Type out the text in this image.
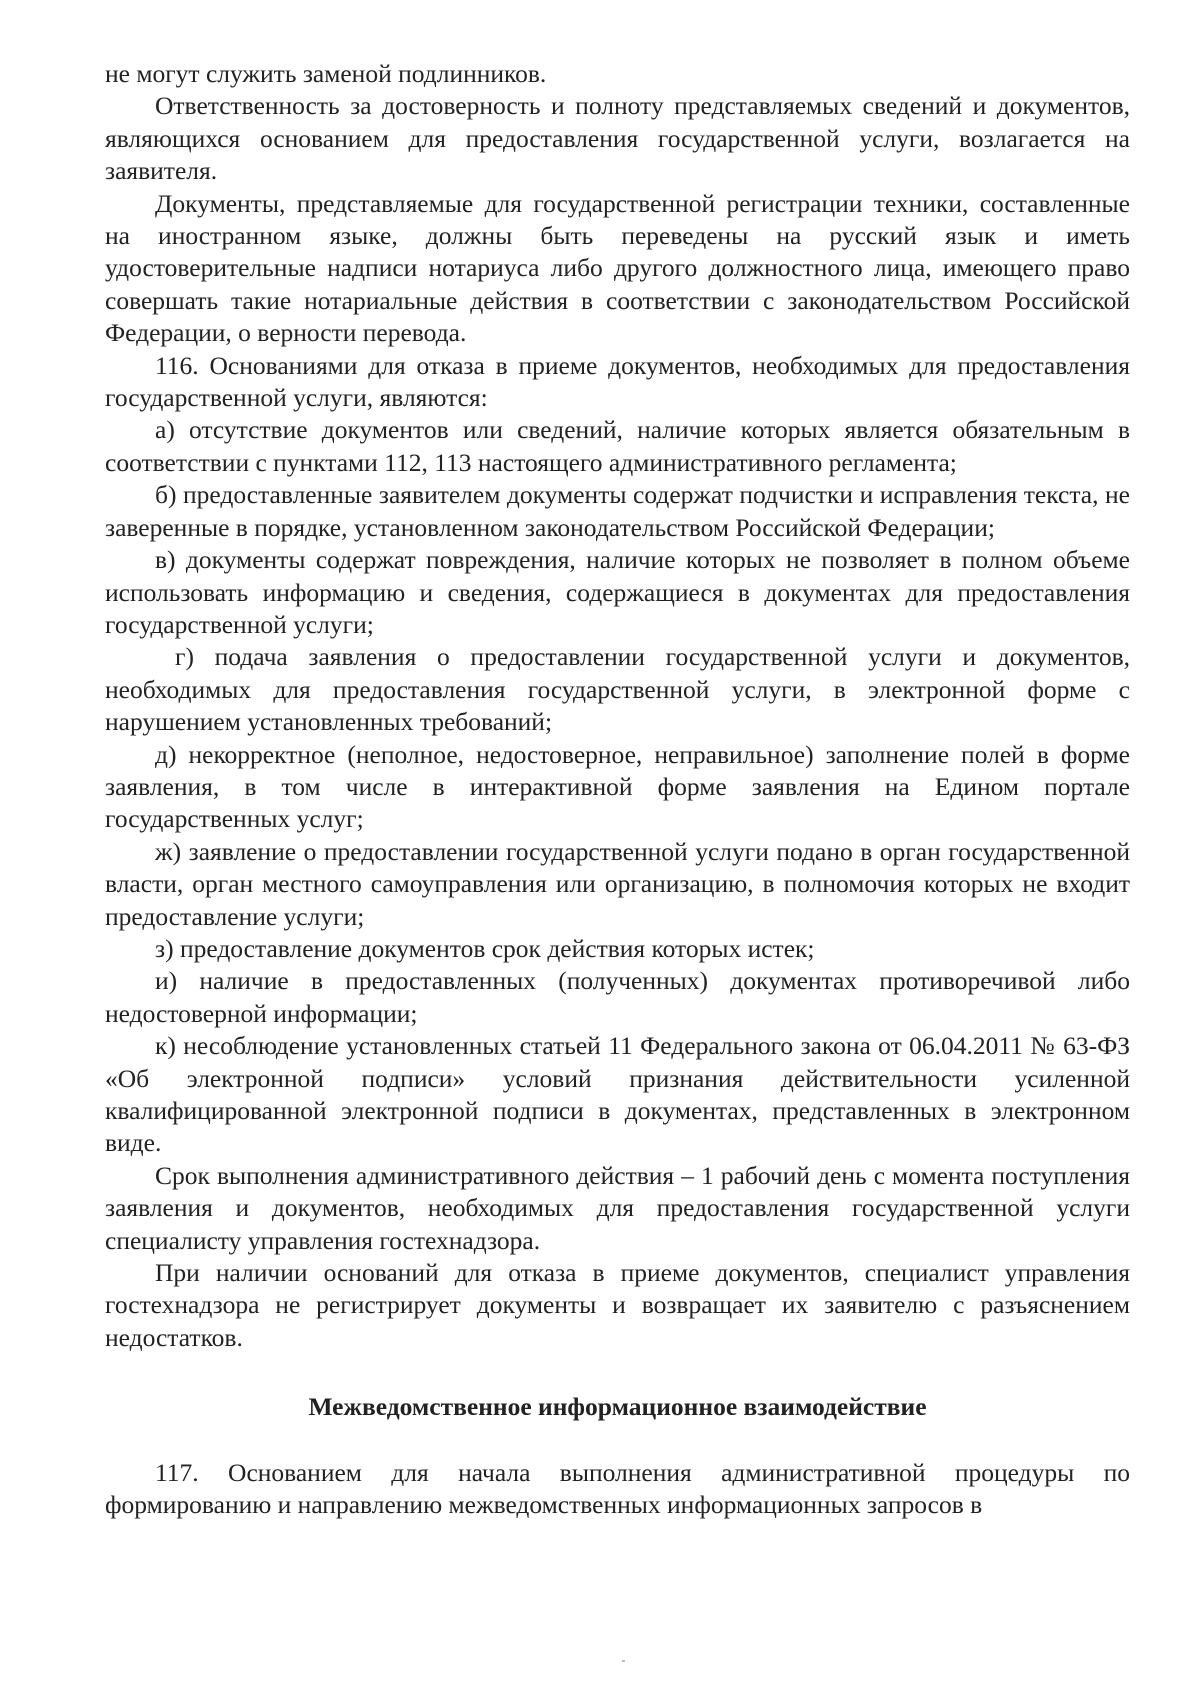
не могут служить заменой подлинников.

Ответственность за достоверность и полноту представляемых сведений и документов, являющихся основанием для предоставления государственной услуги, возлагается на заявителя.

Документы, представляемые для государственной регистрации техники, составленные на иностранном языке, должны быть переведены на русский язык и иметь удостоверительные надписи нотариуса либо другого должностного лица, имеющего право совершать такие нотариальные действия в соответствии с законодательством Российской Федерации, о верности перевода.

116. Основаниями для отказа в приеме документов, необходимых для предоставления государственной услуги, являются:

а) отсутствие документов или сведений, наличие которых является обязательным в соответствии с пунктами 112, 113 настоящего административного регламента;

б) предоставленные заявителем документы содержат подчистки и исправления текста, не заверенные в порядке, установленном законодательством Российской Федерации;

в) документы содержат повреждения, наличие которых не позволяет в полном объеме использовать информацию и сведения, содержащиеся в документах для предоставления государственной услуги;

г) подача заявления о предоставлении государственной услуги и документов, необходимых для предоставления государственной услуги, в электронной форме с нарушением установленных требований;

д) некорректное (неполное, недостоверное, неправильное) заполнение полей в форме заявления, в том числе в интерактивной форме заявления на Едином портале государственных услуг;

ж) заявление о предоставлении государственной услуги подано в орган государственной власти, орган местного самоуправления или организацию, в полномочия которых не входит предоставление услуги;

з) предоставление документов срок действия которых истек;

и) наличие в предоставленных (полученных) документах противоречивой либо недостоверной информации;

к) несоблюдение установленных статьей 11 Федерального закона от 06.04.2011 № 63-ФЗ «Об электронной подписи» условий признания действительности усиленной квалифицированной электронной подписи в документах, представленных в электронном виде.

Срок выполнения административного действия – 1 рабочий день с момента поступления заявления и документов, необходимых для предоставления государственной услуги специалисту управления гостехнадзора.

При наличии оснований для отказа в приеме документов, специалист управления гостехнадзора не регистрирует документы и возвращает их заявителю с разъяснением недостатков.

Межведомственное информационное взаимодействие

117. Основанием для начала выполнения административной процедуры по формированию и направлению межведомственных информационных запросов в
